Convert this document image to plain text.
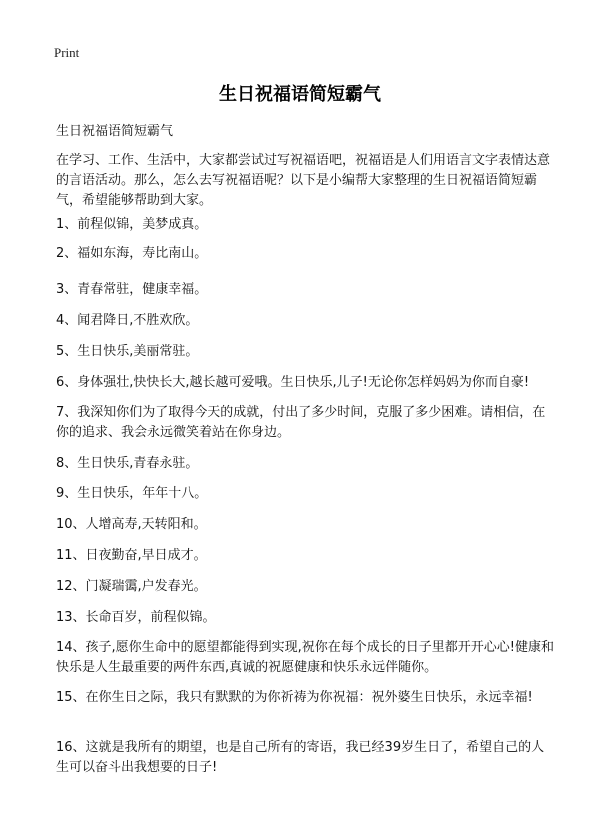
Print
生日祝福语简短霸气
生日祝福语简短霸气

在学习、工作、生活中，大家都尝试过写祝福语吧，祝福语是人们用语言文字表情达意的言语活动。那么，怎么去写祝福语呢？以下是小编帮大家整理的生日祝福语简短霸气，希望能够帮助到大家。

1、前程似锦，美梦成真。
2、福如东海，寿比南山。
3、青春常驻，健康幸福。
4、闻君降日,不胜欢欣。
5、生日快乐,美丽常驻。
6、身体强壮,快快长大,越长越可爱哦。生日快乐,儿子!无论你怎样妈妈为你而自豪!
7、我深知你们为了取得今天的成就，付出了多少时间，克服了多少困难。请相信，在你的追求、我会永远微笑着站在你身边。
8、生日快乐,青春永驻。
9、生日快乐，年年十八。
10、人增高寿,天转阳和。
11、日夜勤奋,早日成才。
12、门凝瑞霭,户发春光。
13、长命百岁，前程似锦。
14、孩子,愿你生命中的愿望都能得到实现,祝你在每个成长的日子里都开开心心!健康和快乐是人生最重要的两件东西,真诚的祝愿健康和快乐永远伴随你。
15、在你生日之际，我只有默默的为你祈祷为你祝福：祝外婆生日快乐，永远幸福!
16、这就是我所有的期望，也是自己所有的寄语，我已经39岁生日了，希望自己的人生可以奋斗出我想要的日子!
